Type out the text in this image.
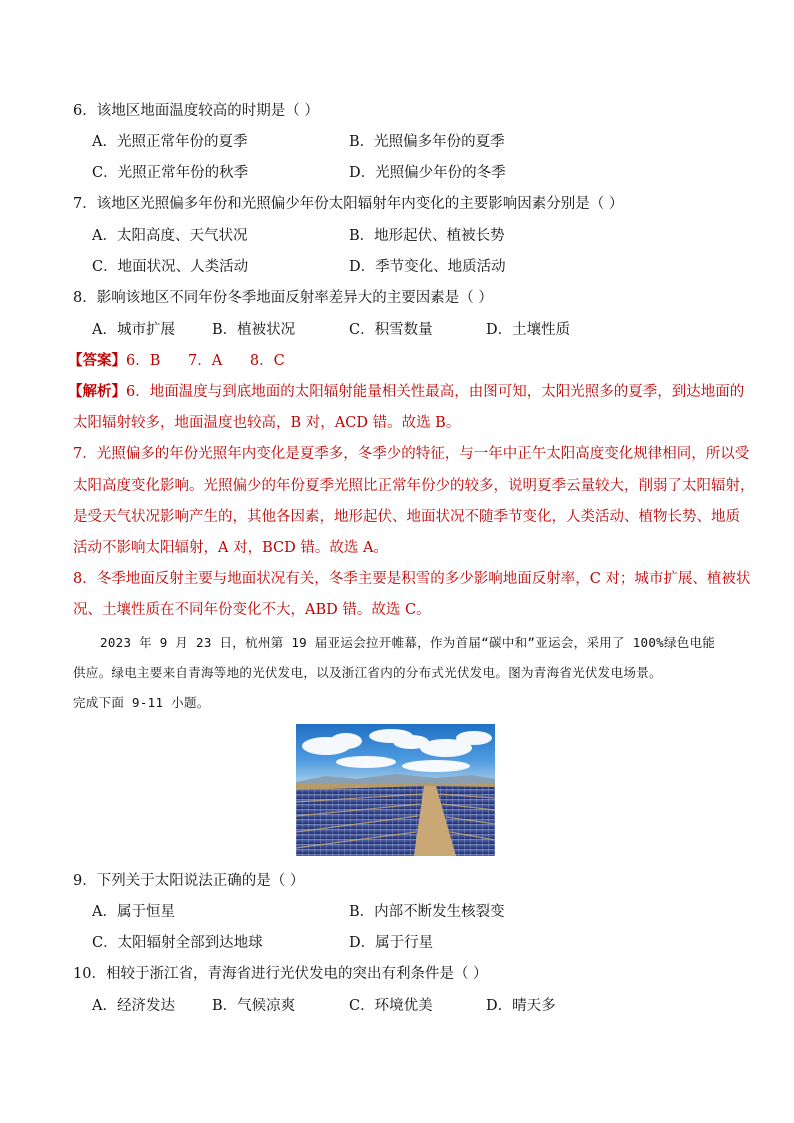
6．该地区地面温度较高的时期是（ ）
A．光照正常年份的夏季	B．光照偏多年份的夏季
C．光照正常年份的秋季	D．光照偏少年份的冬季
7．该地区光照偏多年份和光照偏少年份太阳辐射年内变化的主要影响因素分别是（ ）
A．太阳高度、天气状况	B．地形起伏、植被长势
C．地面状况、人类活动	D．季节变化、地质活动
8．影响该地区不同年份冬季地面反射率差异大的主要因素是（ ）
A．城市扩展	B．植被状况	C．积雪数量	D．土壤性质
【答案】6．B      7．A      8．C
【解析】6．地面温度与到底地面的太阳辐射能量相关性最高，由图可知，太阳光照多的夏季，到达地面的
太阳辐射较多，地面温度也较高，B 对，ACD 错。故选 B。
7．光照偏多的年份光照年内变化是夏季多，冬季少的特征，与一年中正午太阳高度变化规律相同，所以受
太阳高度变化影响。光照偏少的年份夏季光照比正常年份少的较多，说明夏季云量较大，削弱了太阳辐射，
是受天气状况影响产生的，其他各因素，地形起伏、地面状况不随季节变化，人类活动、植物长势、地质
活动不影响太阳辐射，A 对，BCD 错。故选 A。
8．冬季地面反射主要与地面状况有关，冬季主要是积雪的多少影响地面反射率，C 对；城市扩展、植被状
况、土壤性质在不同年份变化不大，ABD 错。故选 C。
2023 年 9 月 23 日，杭州第 19 届亚运会拉开帷幕，作为首届“碳中和”亚运会，采用了 100%绿色电能
供应。绿电主要来自青海等地的光伏发电，以及浙江省内的分布式光伏发电。图为青海省光伏发电场景。
完成下面 9-11 小题。
9．下列关于太阳说法正确的是（ ）
A．属于恒星	B．内部不断发生核裂变
C．太阳辐射全部到达地球	D．属于行星
10．相较于浙江省，青海省进行光伏发电的突出有利条件是（ ）
A．经济发达	B．气候凉爽	C．环境优美	D．晴天多
